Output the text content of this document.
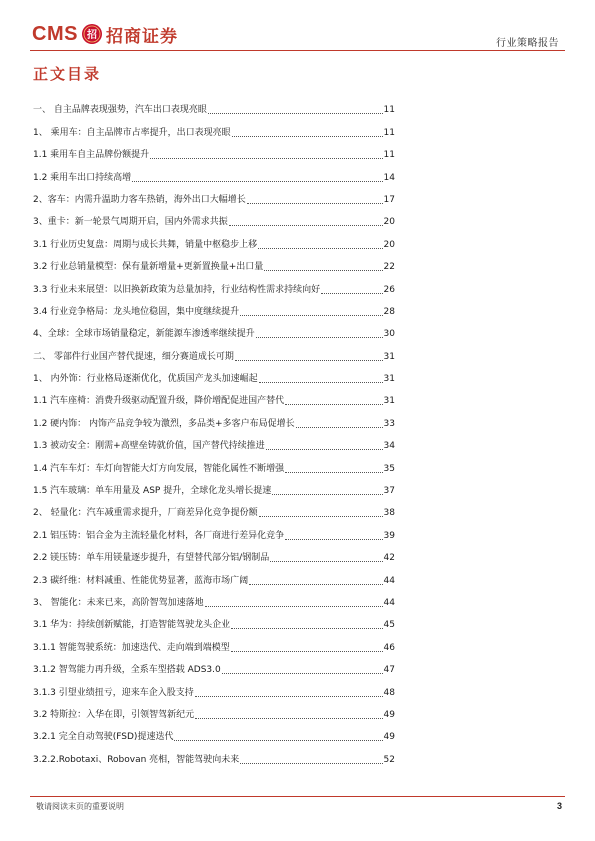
CMS 招 招商证券	行业策略报告
正文目录
一、 自主品牌表现强势，汽车出口表现亮眼	11
1、 乘用车：自主品牌市占率提升，出口表现亮眼	11
1.1 乘用车自主品牌份额提升	11
1.2 乘用车出口持续高增	14
2、客车：内需升温助力客车热销，海外出口大幅增长	17
3、重卡：新一轮景气周期开启，国内外需求共振	20
3.1 行业历史复盘：周期与成长共舞，销量中枢稳步上移	20
3.2 行业总销量模型：保有量新增量+更新置换量+出口量	22
3.3 行业未来展望：以旧换新政策为总量加持，行业结构性需求持续向好	26
3.4 行业竞争格局：龙头地位稳固，集中度继续提升	28
4、全球：全球市场销量稳定，新能源车渗透率继续提升	30
二、 零部件行业国产替代提速，细分赛道成长可期	31
1、 内外饰：行业格局逐渐优化，优质国产龙头加速崛起	31
1.1 汽车座椅：消费升级驱动配置升级，降价增配促进国产替代	31
1.2 硬内饰： 内饰产品竞争较为激烈，多品类+多客户布局促增长	33
1.3 被动安全：刚需+高壁垒铸就价值，国产替代持续推进	34
1.4 汽车车灯：车灯向智能大灯方向发展，智能化属性不断增强	35
1.5 汽车玻璃：单车用量及 ASP 提升，全球化龙头增长提速	37
2、 轻量化：汽车减重需求提升，厂商差异化竞争提份额	38
2.1 铝压铸：铝合金为主流轻量化材料，各厂商进行差异化竞争	39
2.2 镁压铸：单车用镁量逐步提升，有望替代部分铝/钢制品	42
2.3 碳纤维：材料减重、性能优势显著，蓝海市场广阔	44
3、 智能化：未来已来，高阶智驾加速落地	44
3.1 华为：持续创新赋能，打造智能驾驶龙头企业	45
3.1.1 智能驾驶系统：加速迭代、走向端到端模型	46
3.1.2 智驾能力再升级，全系车型搭载 ADS3.0	47
3.1.3 引望业绩扭亏，迎来车企入股支持	48
3.2 特斯拉：入华在即，引领智驾新纪元	49
3.2.1 完全自动驾驶(FSD)提速迭代	49
3.2.2.Robotaxi、Robovan 亮相，智能驾驶向未来	52
敬请阅读末页的重要说明	3
